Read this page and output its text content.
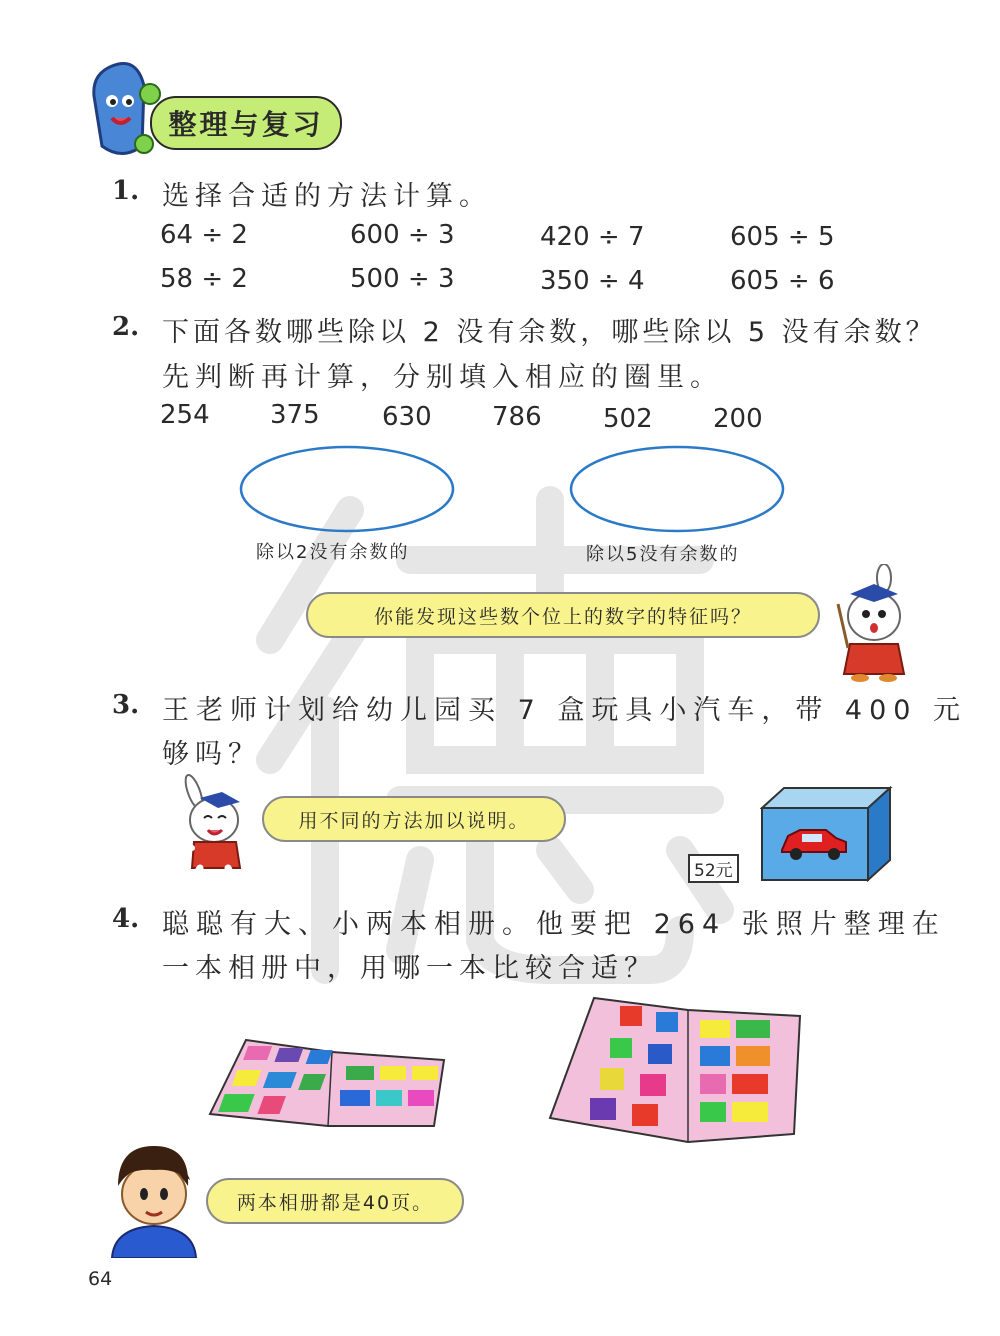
整理与复习
1. 选择合适的方法计算。
64 ÷ 2	600 ÷ 3	420 ÷ 7	605 ÷ 5
58 ÷ 2	500 ÷ 3	350 ÷ 4	605 ÷ 6
2. 下面各数哪些除以 2 没有余数，哪些除以 5 没有余数？
先判断再计算，分别填入相应的圈里。
254 375 630 786 502 200
除以2没有余数的	除以5没有余数的
你能发现这些数个位上的数字的特征吗？
3. 王老师计划给幼儿园买 7 盒玩具小汽车，带 400 元
够吗？
用不同的方法加以说明。
52元
4. 聪聪有大、小两本相册。他要把 264 张照片整理在
一本相册中，用哪一本比较合适？
两本相册都是40页。
64
